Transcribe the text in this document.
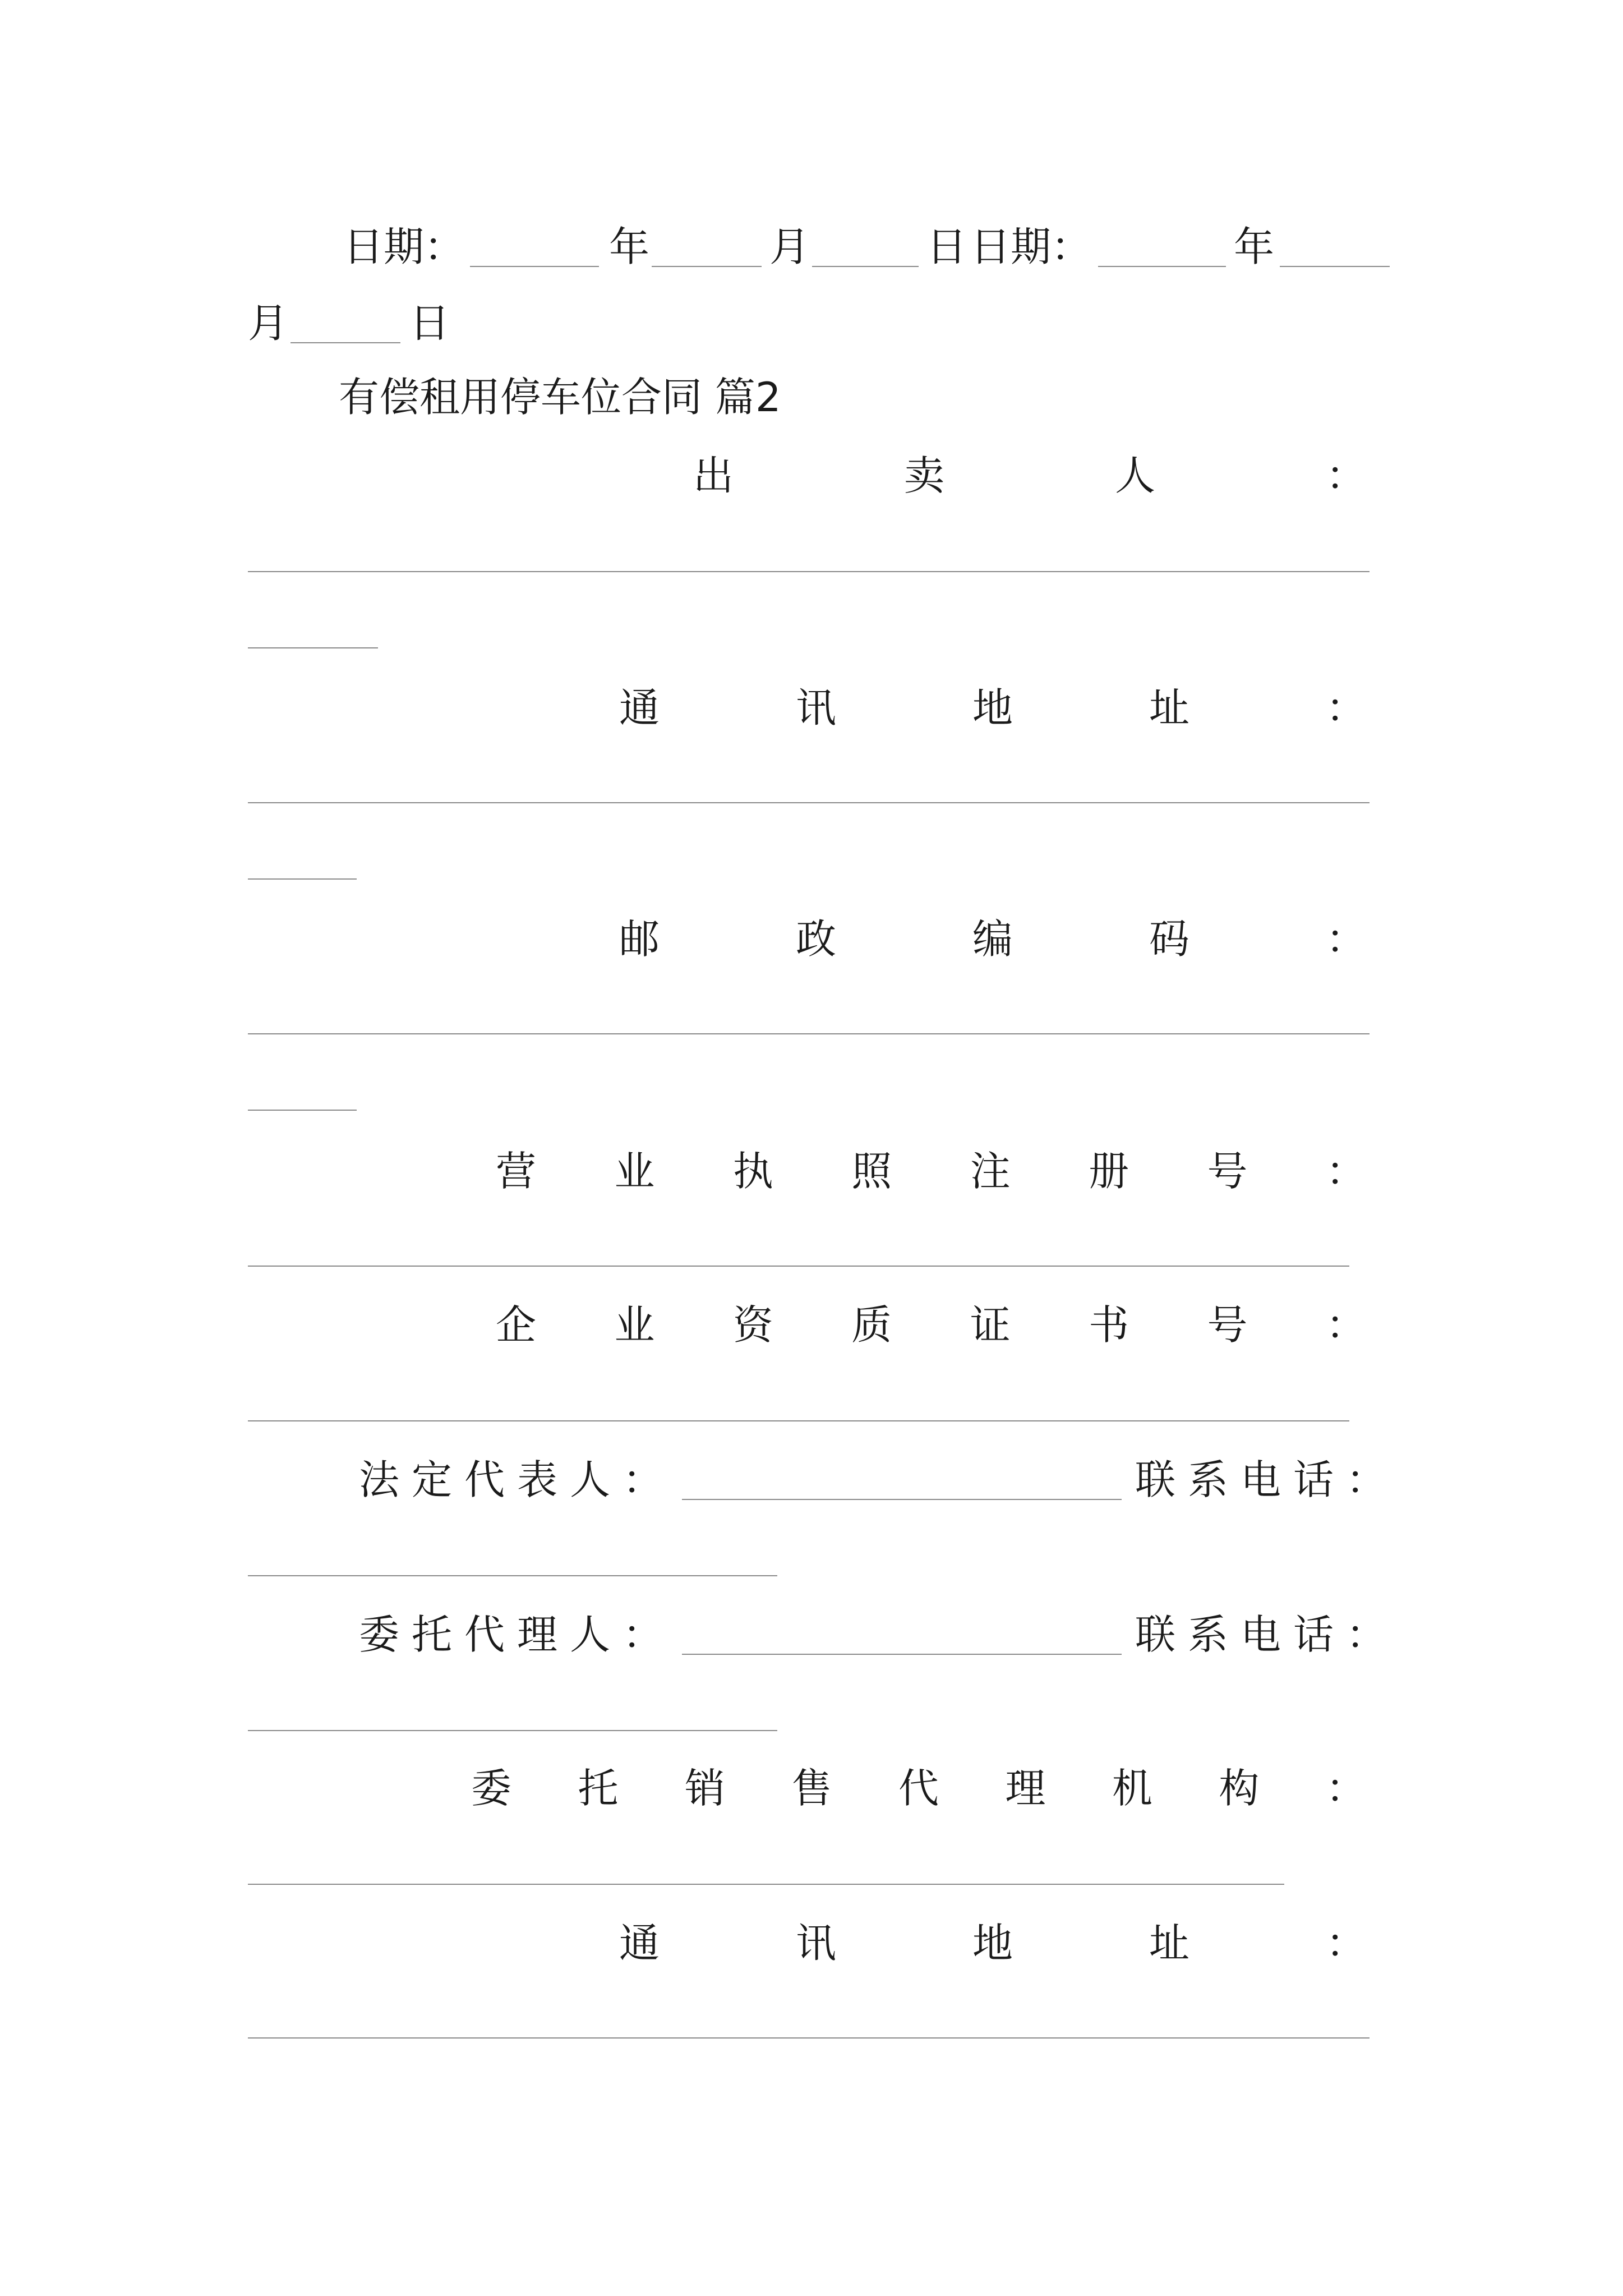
日期：	年	月	日 日期：	年
月	日
有偿租用停车位合同 篇2
出	卖	人	：
通	讯	地	址	：
邮	政	编	码	：
营 业 执 照 注 册 号 ：
企 业 资 质 证 书 号 ：
法定代表人：	联系电话：
委托代理人：	联系电话：
委 托 销 售 代 理 机 构 ：
通	讯	地	址	：
